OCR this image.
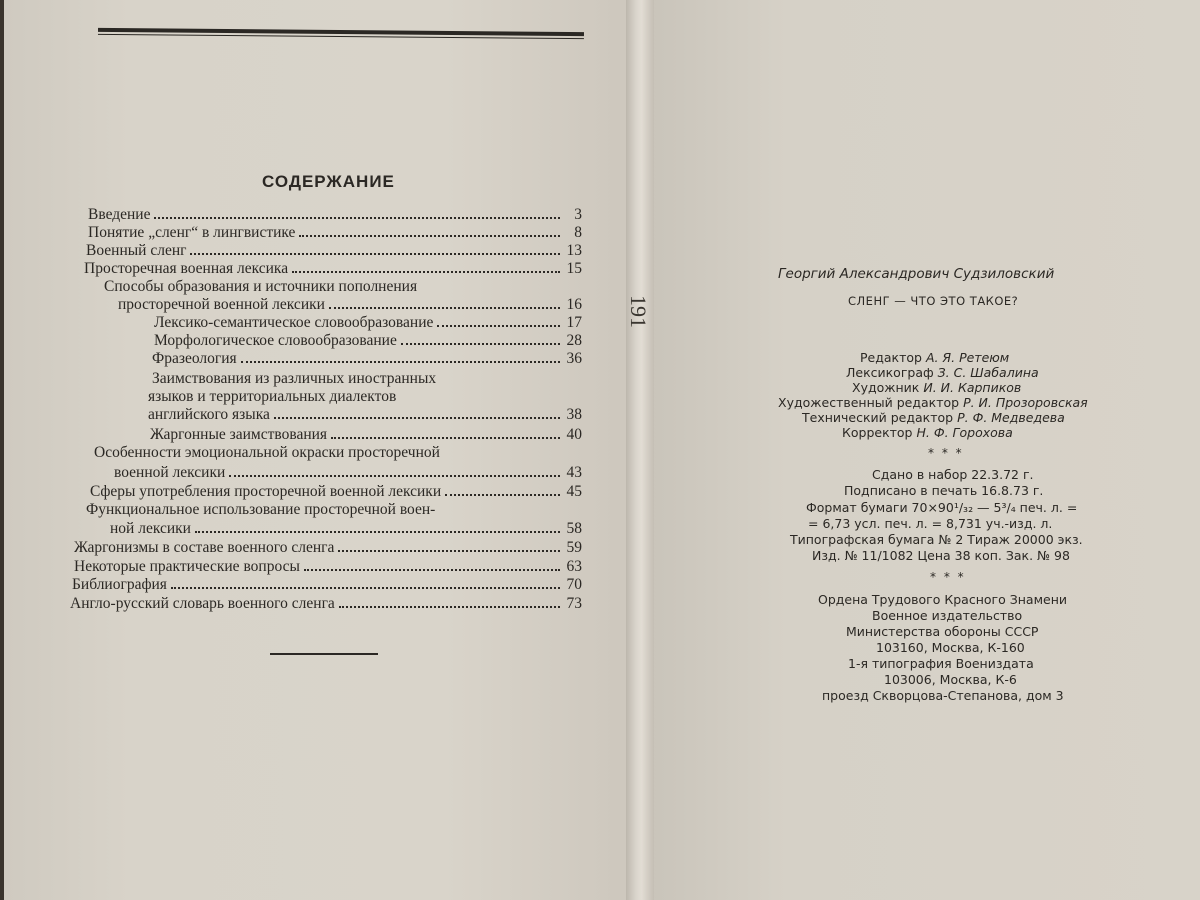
191
СОДЕРЖАНИЕ
Введение	3
Понятие „сленг“ в лингвистике	8
Военный сленг	13
Просторечная военная лексика	15
Способы образования и источники пополнения
просторечной военной лексики	16
Лексико-семантическое словообразование	17
Морфологическое словообразование	28
Фразеология	36
Заимствования из различных иностранных
языков и территориальных диалектов
английского языка	38
Жаргонные заимствования	40
Особенности эмоциональной окраски просторечной
военной лексики	43
Сферы употребления просторечной военной лексики	45
Функциональное использование просторечной воен-
ной лексики	58
Жаргонизмы в составе военного сленга	59
Некоторые практические вопросы	63
Библиография	70
Англо-русский словарь военного сленга	73
Георгий Александрович Судзиловский
СЛЕНГ — ЧТО ЭТО ТАКОЕ?
Редактор А. Я. Ретеюм
Лексикограф З. С. Шабалина
Художник И. И. Карпиков
Художественный редактор Р. И. Прозоровская
Технический редактор Р. Ф. Медведева
Корректор Н. Ф. Горохова
* * *
Сдано в набор 22.3.72 г.
Подписано в печать 16.8.73 г.
Формат бумаги 70×90¹/₃₂ — 5³/₄ печ. л. =
= 6,73 усл. печ. л. = 8,731 уч.-изд. л.
Типографская бумага № 2 Тираж 20000 экз.
Изд. № 11/1082 Цена 38 коп. Зак. № 98
* * *
Ордена Трудового Красного Знамени
Военное издательство
Министерства обороны СССР
103160, Москва, К-160
1-я типография Воениздата
103006, Москва, К-6
проезд Скворцова-Степанова, дом 3
